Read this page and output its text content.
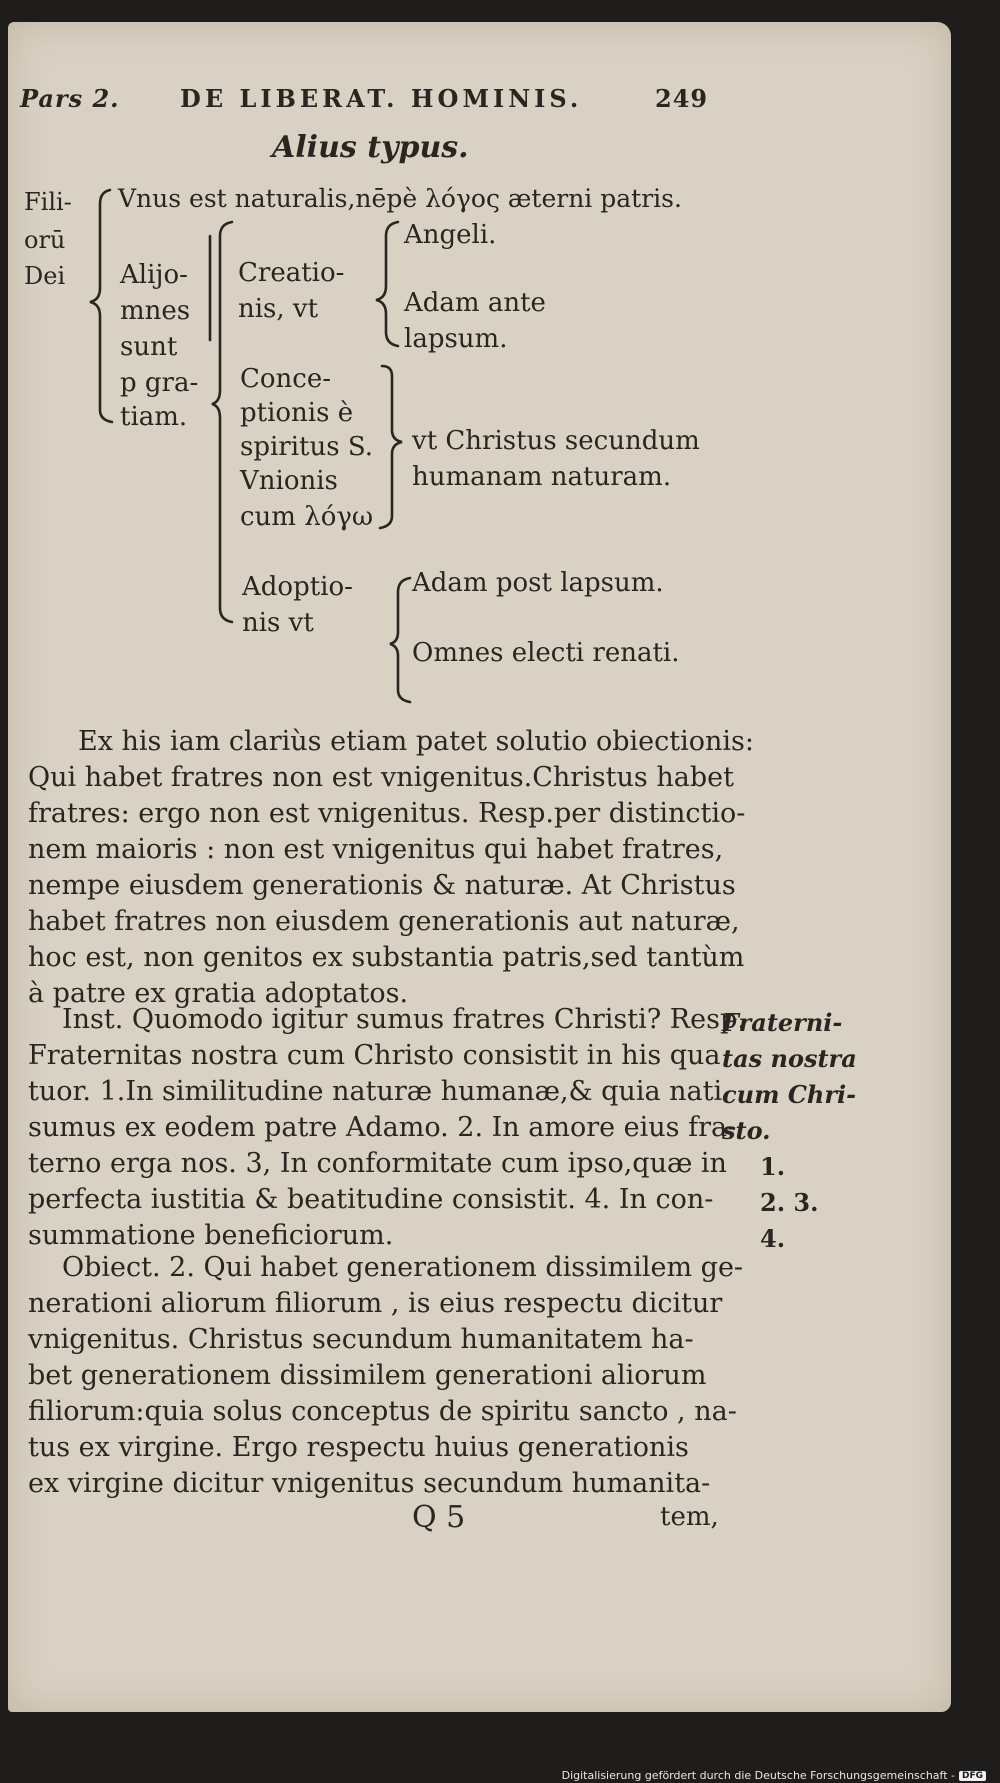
Pars 2.	DE LIBERAT. HOMINIS.	249
Alius typus.
Fili-
orū
Dei
Vnus est naturalis,nēpè λόγος æterni patris.
Alijo-
mnes
sunt
p gra-
tiam.
Creatio-
nis, vt
Angeli.
Adam ante
lapsum.
Conce-
ptionis è
spiritus S.
Vnionis
cum λόγω
vt Christus secundum
humanam naturam.
Adoptio-
nis vt
Adam post lapsum.
Omnes electi renati.
Ex his iam clariùs etiam patet solutio obiectionis:
Qui habet fratres non est vnigenitus.Christus habet
fratres: ergo non est vnigenitus. Resp.per distinctio-
nem maioris : non est vnigenitus qui habet fratres,
nempe eiusdem generationis & naturæ. At Christus
habet fratres non eiusdem generationis aut naturæ,
hoc est, non genitos ex substantia patris,sed tantùm
à patre ex gratia adoptatos.
Inst. Quomodo igitur sumus fratres Christi? Resp.
Fraternitas nostra cum Christo consistit in his qua
tuor. 1.In similitudine naturæ humanæ,& quia nati
sumus ex eodem patre Adamo. 2. In amore eius fra-
terno erga nos. 3, In conformitate cum ipso,quæ in
perfecta iustitia & beatitudine consistit. 4. In con-
summatione beneficiorum.
Obiect. 2. Qui habet generationem dissimilem ge-
nerationi aliorum filiorum , is eius respectu dicitur
vnigenitus. Christus secundum humanitatem ha-
bet generationem dissimilem generationi aliorum
filiorum:quia solus conceptus de spiritu sancto , na-
tus ex virgine. Ergo respectu huius generationis
ex virgine dicitur vnigenitus secundum humanita-
Fraterni-
tas nostra
cum Chri-
sto.
1.
2. 3.
4.
Q 5	tem,
Digitalisierung gefördert durch die Deutsche Forschungsgemeinschaft - DFG
